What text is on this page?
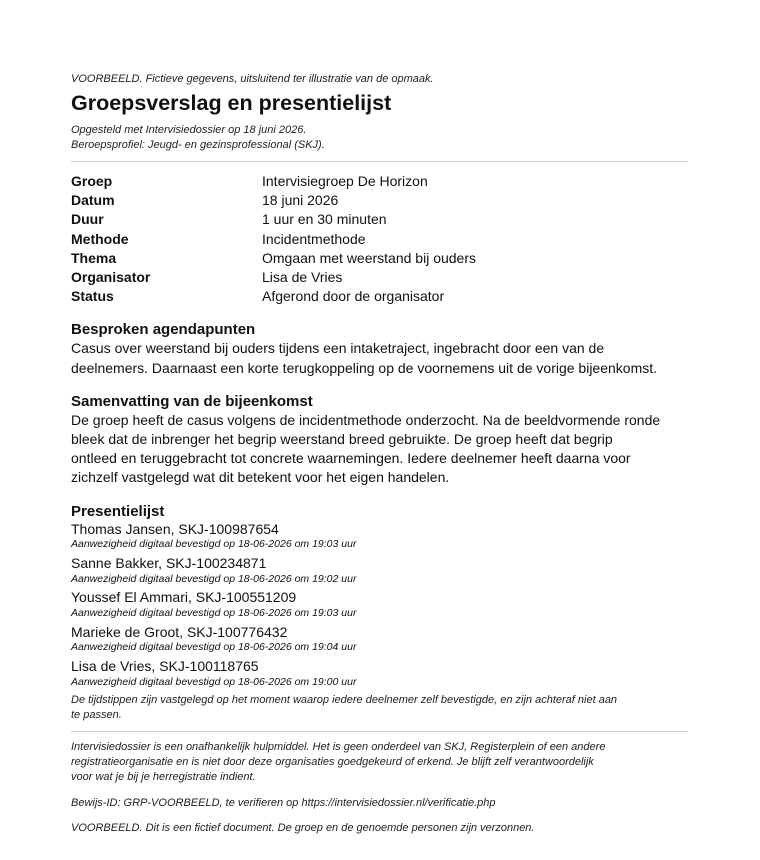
VOORBEELD. Fictieve gegevens, uitsluitend ter illustratie van de opmaak.
Groepsverslag en presentielijst
Opgesteld met Intervisiedossier op 18 juni 2026.
Beroepsprofiel: Jeugd- en gezinsprofessional (SKJ).
Groep	Intervisiegroep De Horizon
Datum	18 juni 2026
Duur	1 uur en 30 minuten
Methode	Incidentmethode
Thema	Omgaan met weerstand bij ouders
Organisator	Lisa de Vries
Status	Afgerond door de organisator
Besproken agendapunten
Casus over weerstand bij ouders tijdens een intaketraject, ingebracht door een van de
deelnemers. Daarnaast een korte terugkoppeling op de voornemens uit de vorige bijeenkomst.
Samenvatting van de bijeenkomst
De groep heeft de casus volgens de incidentmethode onderzocht. Na de beeldvormende ronde
bleek dat de inbrenger het begrip weerstand breed gebruikte. De groep heeft dat begrip
ontleed en teruggebracht tot concrete waarnemingen. Iedere deelnemer heeft daarna voor
zichzelf vastgelegd wat dit betekent voor het eigen handelen.
Presentielijst
Thomas Jansen, SKJ-100987654
Aanwezigheid digitaal bevestigd op 18-06-2026 om 19:03 uur
Sanne Bakker, SKJ-100234871
Aanwezigheid digitaal bevestigd op 18-06-2026 om 19:02 uur
Youssef El Ammari, SKJ-100551209
Aanwezigheid digitaal bevestigd op 18-06-2026 om 19:03 uur
Marieke de Groot, SKJ-100776432
Aanwezigheid digitaal bevestigd op 18-06-2026 om 19:04 uur
Lisa de Vries, SKJ-100118765
Aanwezigheid digitaal bevestigd op 18-06-2026 om 19:00 uur
De tijdstippen zijn vastgelegd op het moment waarop iedere deelnemer zelf bevestigde, en zijn achteraf niet aan
te passen.
Intervisiedossier is een onafhankelijk hulpmiddel. Het is geen onderdeel van SKJ, Registerplein of een andere
registratieorganisatie en is niet door deze organisaties goedgekeurd of erkend. Je blijft zelf verantwoordelijk
voor wat je bij je herregistratie indient.
Bewijs-ID: GRP-VOORBEELD, te verifieren op https://intervisiedossier.nl/verificatie.php
VOORBEELD. Dit is een fictief document. De groep en de genoemde personen zijn verzonnen.
